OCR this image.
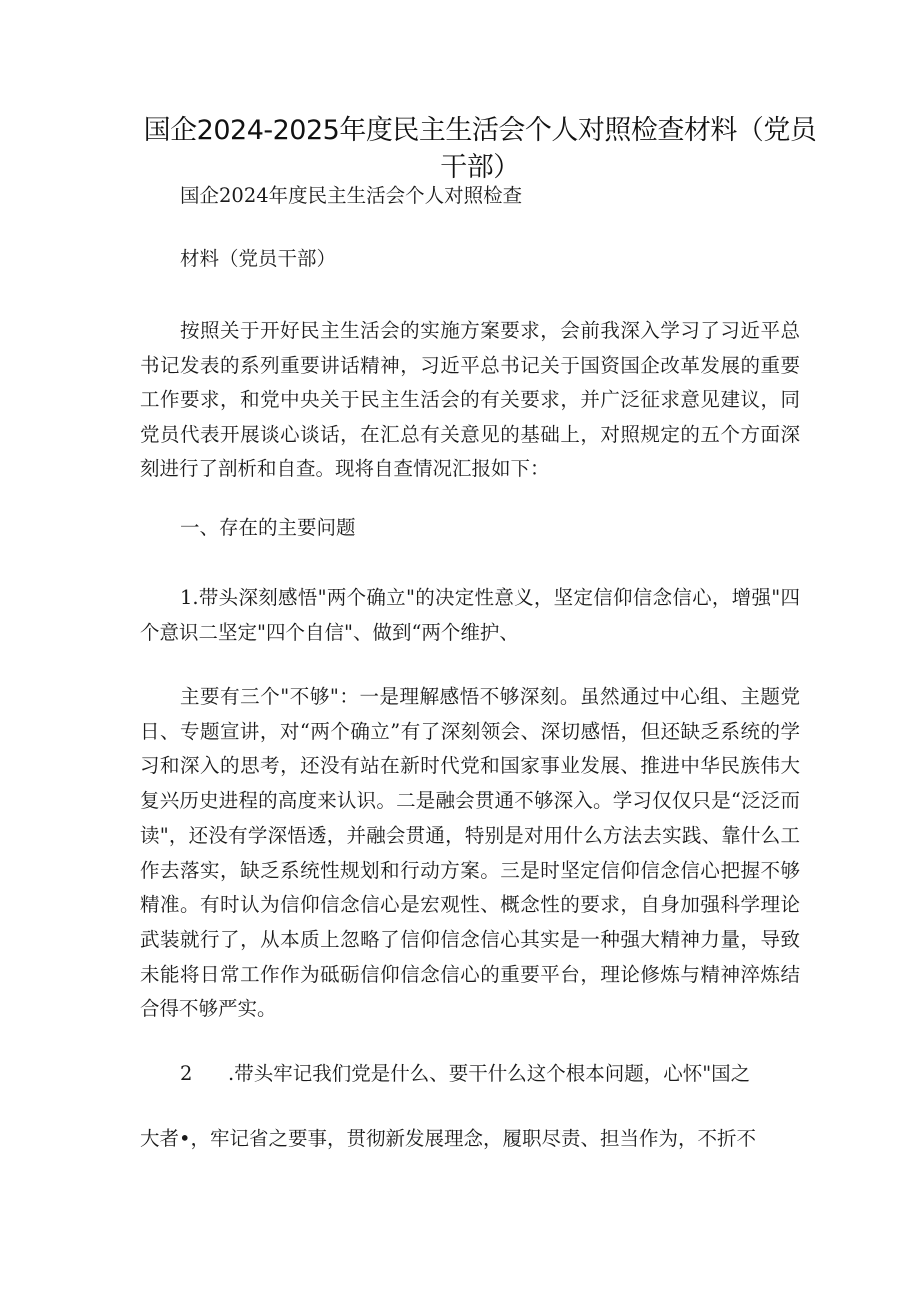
国企2024-2025年度民主生活会个人对照检查材料（党员干部）

国企2024年度民主生活会个人对照检查

材料（党员干部）

按照关于开好民主生活会的实施方案要求，会前我深入学习了习近平总书记发表的系列重要讲话精神，习近平总书记关于国资国企改革发展的重要工作要求，和党中央关于民主生活会的有关要求，并广泛征求意见建议，同党员代表开展谈心谈话，在汇总有关意见的基础上，对照规定的五个方面深刻进行了剖析和自查。现将自查情况汇报如下：

一、存在的主要问题

1.带头深刻感悟"两个确立"的决定性意义，坚定信仰信念信心，增强"四个意识二坚定"四个自信"、做到“两个维护、

主要有三个"不够"：一是理解感悟不够深刻。虽然通过中心组、主题党日、专题宣讲，对“两个确立”有了深刻领会、深切感悟，但还缺乏系统的学习和深入的思考，还没有站在新时代党和国家事业发展、推进中华民族伟大复兴历史进程的高度来认识。二是融会贯通不够深入。学习仅仅只是“泛泛而读"，还没有学深悟透，并融会贯通，特别是对用什么方法去实践、靠什么工作去落实，缺乏系统性规划和行动方案。三是时坚定信仰信念信心把握不够精准。有时认为信仰信念信心是宏观性、概念性的要求，自身加强科学理论武装就行了，从本质上忽略了信仰信念信心其实是一种强大精神力量，导致未能将日常工作作为砥砺信仰信念信心的重要平台，理论修炼与精神淬炼结合得不够严实。

2 .带头牢记我们党是什么、要干什么这个根本问题，心怀"国之

大者•，牢记省之要事，贯彻新发展理念，履职尽责、担当作为，不折不
